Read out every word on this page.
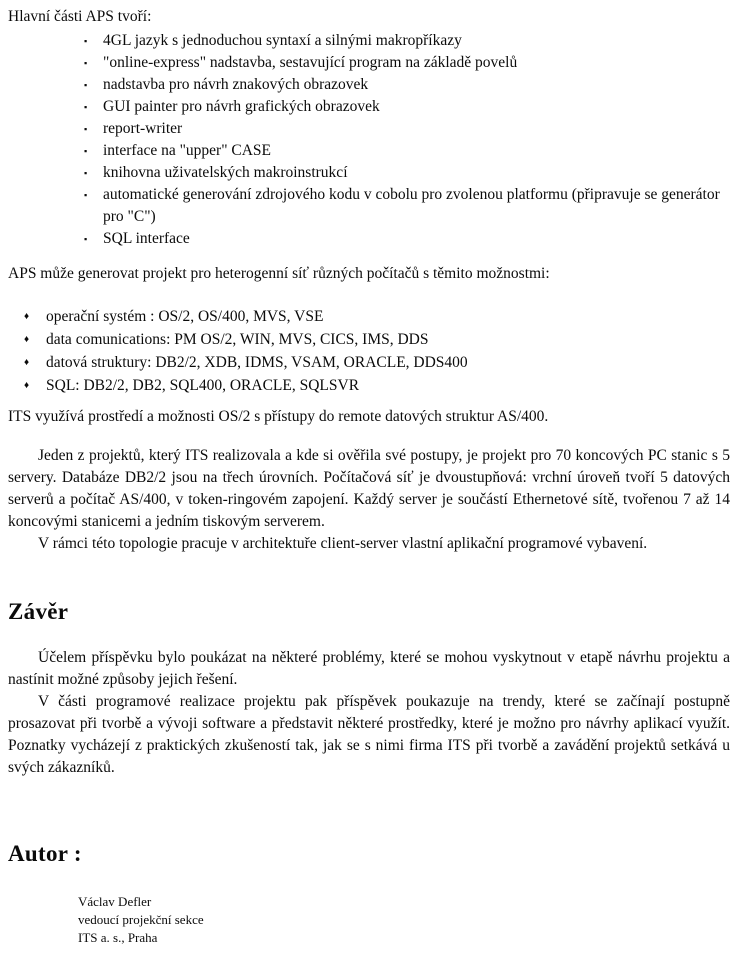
Hlavní části APS tvoří:

▪ 4GL jazyk s jednoduchou syntaxí a silnými makropříkazy
▪ "online-express" nadstavba, sestavující program na základě povelů
▪ nadstavba pro návrh znakových obrazovek
▪ GUI painter pro návrh grafických obrazovek
▪ report-writer
▪ interface na "upper" CASE
▪ knihovna uživatelských makroinstrukcí
▪ automatické generování zdrojového kodu v cobolu pro zvolenou platformu (připravuje se generátor pro "C")
▪ SQL interface

APS může generovat projekt pro heterogenní síť různých počítačů s těmito možnostmi:

♦ operační systém : OS/2, OS/400, MVS, VSE
♦ data comunications: PM OS/2, WIN, MVS, CICS, IMS, DDS
♦ datová struktury: DB2/2, XDB, IDMS, VSAM, ORACLE, DDS400
♦ SQL: DB2/2, DB2, SQL400, ORACLE, SQLSVR

ITS využívá prostředí a možnosti OS/2 s přístupy do remote datových struktur AS/400.

Jeden z projektů, který ITS realizovala a kde si ověřila své postupy, je projekt pro 70 koncových PC stanic s 5 servery. Databáze DB2/2 jsou na třech úrovních. Počítačová síť je dvoustupňová: vrchní úroveň tvoří 5 datových serverů a počítač AS/400, v token-ringovém zapojení. Každý server je součástí Ethernetové sítě, tvořenou 7 až 14 koncovými stanicemi a jedním tiskovým serverem.

V rámci této topologie pracuje v architektuře client-server vlastní aplikační programové vybavení.

Závěr

Účelem příspěvku bylo poukázat na některé problémy, které se mohou vyskytnout v etapě návrhu projektu a nastínit možné způsoby jejich řešení.

V části programové realizace projektu pak příspěvek poukazuje na trendy, které se začínají postupně prosazovat při tvorbě a vývoji software a představit některé prostředky, které je možno pro návrhy aplikací využít. Poznatky vycházejí z praktických zkušeností tak, jak se s nimi firma ITS při tvorbě a zavádění projektů setkává u svých zákazníků.

Autor :
Václav Defler
vedoucí projekční sekce
ITS a. s., Praha
